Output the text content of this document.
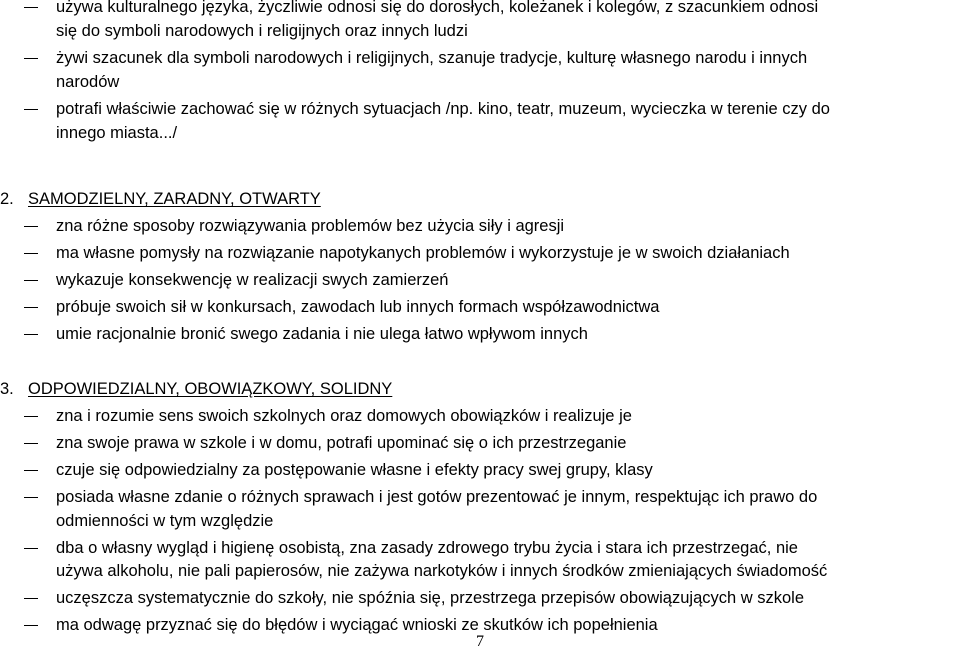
używa kulturalnego języka, życzliwie odnosi się do dorosłych, koleżanek i kolegów, z szacunkiem odnosi
się do symboli narodowych i religijnych oraz innych ludzi
żywi szacunek dla symboli narodowych i religijnych, szanuje tradycje, kulturę własnego narodu i innych
narodów
potrafi właściwie zachować się w różnych sytuacjach /np. kino, teatr, muzeum, wycieczka w terenie czy do
innego miasta.../
2. SAMODZIELNY, ZARADNY, OTWARTY
zna różne sposoby rozwiązywania problemów bez użycia siły i agresji
ma własne pomysły na rozwiązanie napotykanych problemów i wykorzystuje je w swoich działaniach
wykazuje konsekwencję w realizacji swych zamierzeń
próbuje swoich sił w konkursach, zawodach lub innych formach współzawodnictwa
umie racjonalnie bronić swego zadania i nie ulega łatwo wpływom innych
3. ODPOWIEDZIALNY, OBOWIĄZKOWY, SOLIDNY
zna i rozumie sens swoich szkolnych oraz domowych obowiązków i realizuje je
zna swoje prawa w szkole i w domu, potrafi upominać się o ich przestrzeganie
czuje się odpowiedzialny za postępowanie własne i efekty pracy swej grupy, klasy
posiada własne zdanie o różnych sprawach i jest gotów prezentować je innym, respektując ich prawo do
odmienności w tym względzie
dba o własny wygląd i higienę osobistą, zna zasady zdrowego trybu życia i stara ich przestrzegać, nie
używa alkoholu, nie pali papierosów, nie zażywa narkotyków i innych środków zmieniających świadomość
uczęszcza systematycznie do szkoły, nie spóźnia się, przestrzega przepisów obowiązujących w szkole
ma odwagę przyznać się do błędów i wyciągać wnioski ze skutków ich popełnienia
7
